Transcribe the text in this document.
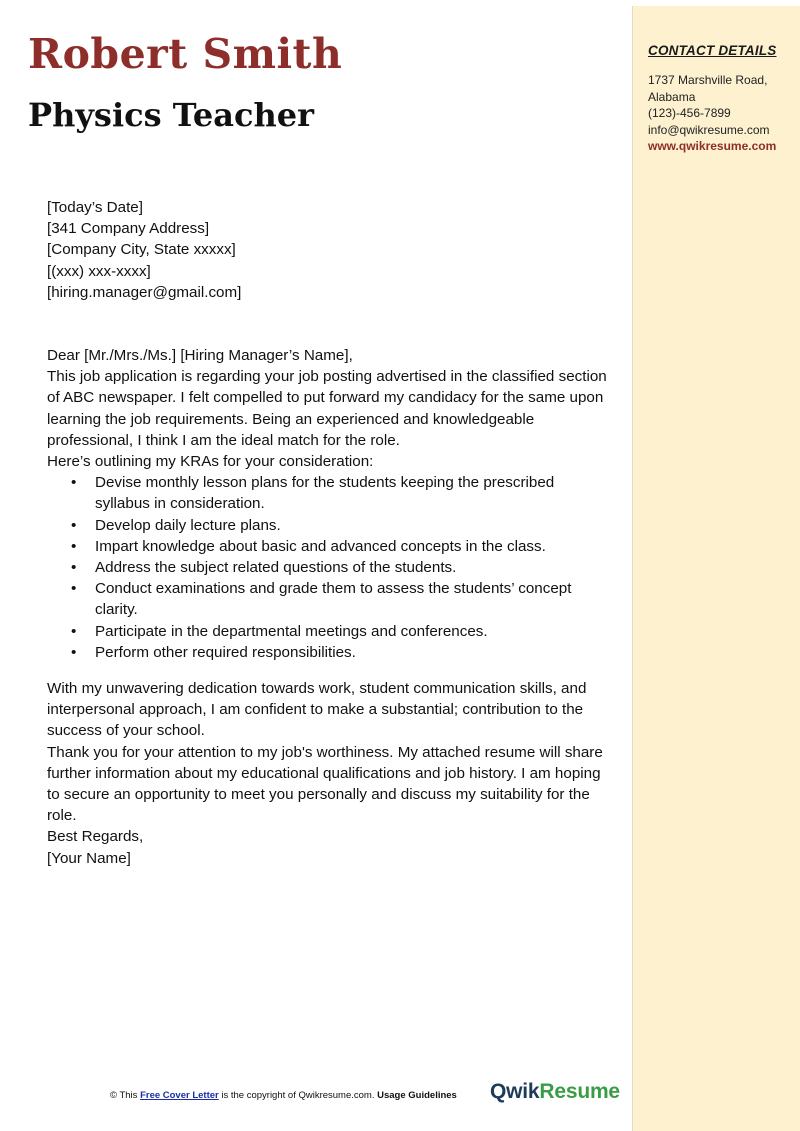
Robert Smith
Physics Teacher
CONTACT DETAILS
1737 Marshville Road,
Alabama
(123)-456-7899
info@qwikresume.com
www.qwikresume.com

[Today’s Date]

[341 Company Address]

[Company City, State xxxxx]

[(xxx) xxx-xxxx]

[hiring.manager@gmail.com]

Dear [Mr./Mrs./Ms.] [Hiring Manager’s Name],

This job application is regarding your job posting advertised in the classified section of ABC newspaper. I felt compelled to put forward my candidacy for the same upon learning the job requirements. Being an experienced and knowledgeable professional, I think I am the ideal match for the role.

Here’s outlining my KRAs for your consideration:

• Devise monthly lesson plans for the students keeping the prescribed syllabus in consideration.
• Develop daily lecture plans.
• Impart knowledge about basic and advanced concepts in the class.
• Address the subject related questions of the students.
• Conduct examinations and grade them to assess the students’ concept clarity.
• Participate in the departmental meetings and conferences.
• Perform other required responsibilities.

With my unwavering dedication towards work, student communication skills, and interpersonal approach, I am confident to make a substantial; contribution to the success of your school.

Thank you for your attention to my job's worthiness. My attached resume will share further information about my educational qualifications and job history. I am hoping to secure an opportunity to meet you personally and discuss my suitability for the role.

Best Regards,

[Your Name]

© This Free Cover Letter is the copyright of Qwikresume.com. Usage Guidelines QwikResume
